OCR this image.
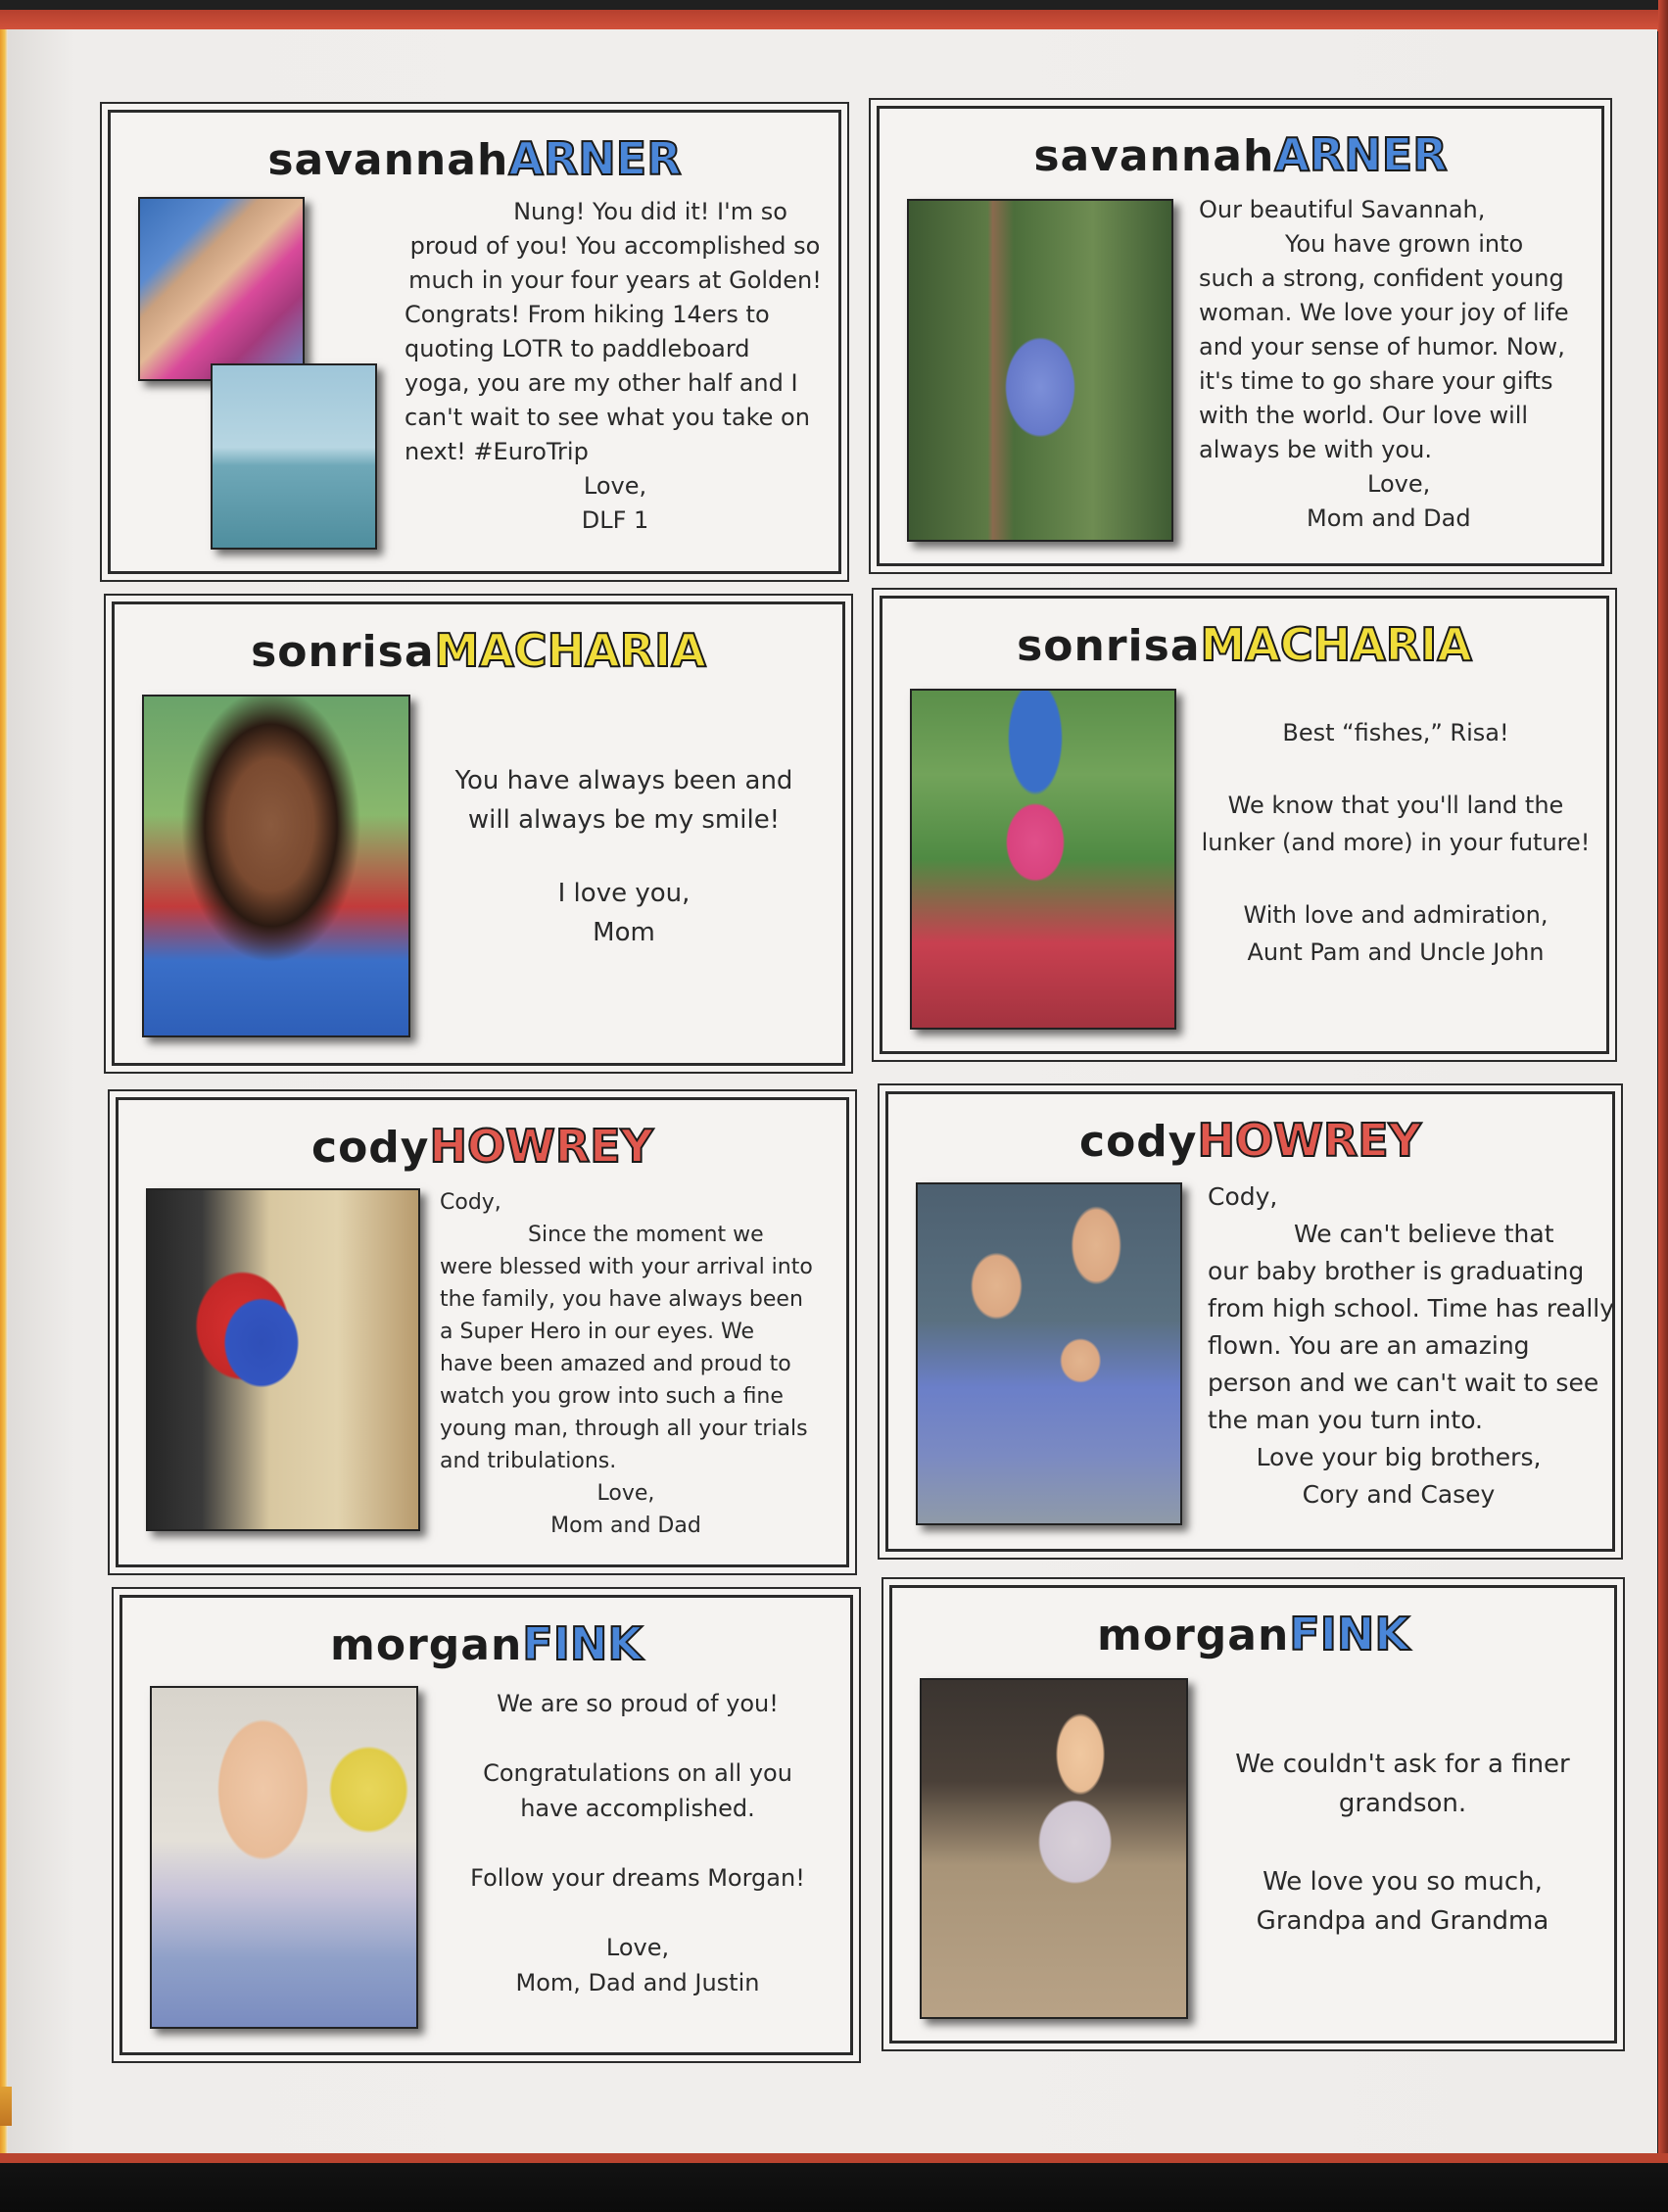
savannahARNER
Nung! You did it! I'm so
proud of you! You accomplished so
much in your four years at Golden!
Congrats! From hiking 14ers to
quoting LOTR to paddleboard
yoga, you are my other half and I
can't wait to see what you take on
next! #EuroTrip
Love,
DLF 1
savannahARNER
Our beautiful Savannah,
You have grown into
such a strong, confident young
woman. We love your joy of life
and your sense of humor. Now,
it's time to go share your gifts
with the world. Our love will
always be with you.
Love,
Mom and Dad
sonrisaMACHARIA
You have always been and
will always be my smile!
I love you,
Mom
sonrisaMACHARIA
Best “fishes,” Risa!
We know that you'll land the
lunker (and more) in your future!
With love and admiration,
Aunt Pam and Uncle John
codyHOWREY
Cody,
Since the moment we
were blessed with your arrival into
the family, you have always been
a Super Hero in our eyes. We
have been amazed and proud to
watch you grow into such a fine
young man, through all your trials
and tribulations.
Love,
Mom and Dad
codyHOWREY
Cody,
We can't believe that
our baby brother is graduating
from high school. Time has really
flown. You are an amazing
person and we can't wait to see
the man you turn into.
Love your big brothers,
Cory and Casey
morganFINK
We are so proud of you!
Congratulations on all you
have accomplished.
Follow your dreams Morgan!
Love,
Mom, Dad and Justin
morganFINK
We couldn't ask for a finer
grandson.
We love you so much,
Grandpa and Grandma
